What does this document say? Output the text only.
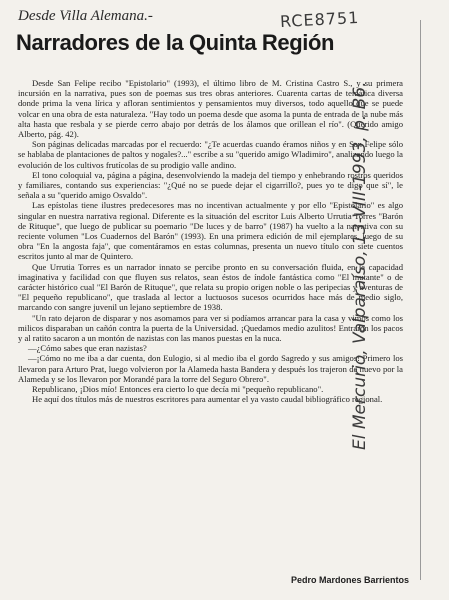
Desde Villa Alemana.-	RCE8751
Narradores de la Quinta Región

Desde San Felipe recibo "Epistolario" (1993), el último libro de M. Cristina Castro S., y su primera incursión en la narrativa, pues son de poemas sus tres obras anteriores. Cuarenta cartas de temática diversa donde prima la vena lírica y afloran sentimientos y pensamientos muy diversos, todo aquello que se puede volcar en una obra de esta naturaleza. "Hay todo un poema desde que asoma la punta de entrada de la nube más alta hasta que resbala y se pierde cerro abajo por detrás de los álamos que orillean el río". (Querido amigo Alberto, pág. 42).

Son páginas delicadas marcadas por el recuerdo: "¿Te acuerdas cuando éramos niños y en San Felipe sólo se hablaba de plantaciones de paltos y nogales?..." escribe a su "querido amigo Wladimiro", analizando luego la evolución de los cultivos frutícolas de su prodigio valle andino.

El tono coloquial va, página a página, desenvolviendo la madeja del tiempo y enhebrando rostros queridos y familiares, contando sus experiencias: "¿Qué no se puede dejar el cigarrillo?, pues yo te digo que sí", le señala a su "querido amigo Osvaldo".

Las epístolas tiene ilustres predecesores mas no incentivan actualmente y por ello "Epistolario" es algo singular en nuestra narrativa regional. Diferente es la situación del escritor Luis Alberto Urrutia Torres "Barón de Rituque", que luego de publicar su poemario "De luces y de barro" (1987) ha vuelto a la narrativa con su reciente volumen "Los Cuadernos del Barón" (1993). En una primera edición de mil ejemplares, luego de su obra "En la angosta faja", que comentáramos en estas columnas, presenta un nuevo título con siete cuentos escritos junto al mar de Quintero.

Que Urrutia Torres es un narrador innato se percibe pronto en su conversación fluida, en la capacidad imaginativa y facilidad con que fluyen sus relatos, sean éstos de índole fantástica como "El mutante" o de carácter histórico cual "El Barón de Rituque", que relata su propio origen noble o las peripecias y aventuras de "El pequeño republicano", que traslada al lector a luctuosos sucesos ocurridos hace más de medio siglo, marcando con sangre juvenil un lejano septiembre de 1938.

"Un rato dejaron de disparar y nos asomamos para ver si podíamos arrancar para la casa y vimos como los milicos disparaban un cañón contra la puerta de la Universidad. ¡Quedamos medio azulitos! Entraron los pacos y al ratito sacaron a un montón de nazistas con las manos puestas en la nuca.

—¿Cómo sabes que eran nazistas?

—¡Cómo no me iba a dar cuenta, don Eulogio, si al medio iba el gordo Sagredo y sus amigos! Primero los llevaron para Arturo Prat, luego volvieron por la Alameda hasta Bandera y después los trajeron de nuevo por la Alameda y se los llevaron por Morandé para la torre del Seguro Obrero".

Republicano, ¡Dios mío! Entonces era cierto lo que decía mi "pequeño republicano".

He aquí dos títulos más de nuestros escritores para aumentar el ya vasto caudal bibliográfico regional.

Pedro Mardones Barrientos
El Mercurio, Valparaíso, 13-VIII-1993, p. B6.
